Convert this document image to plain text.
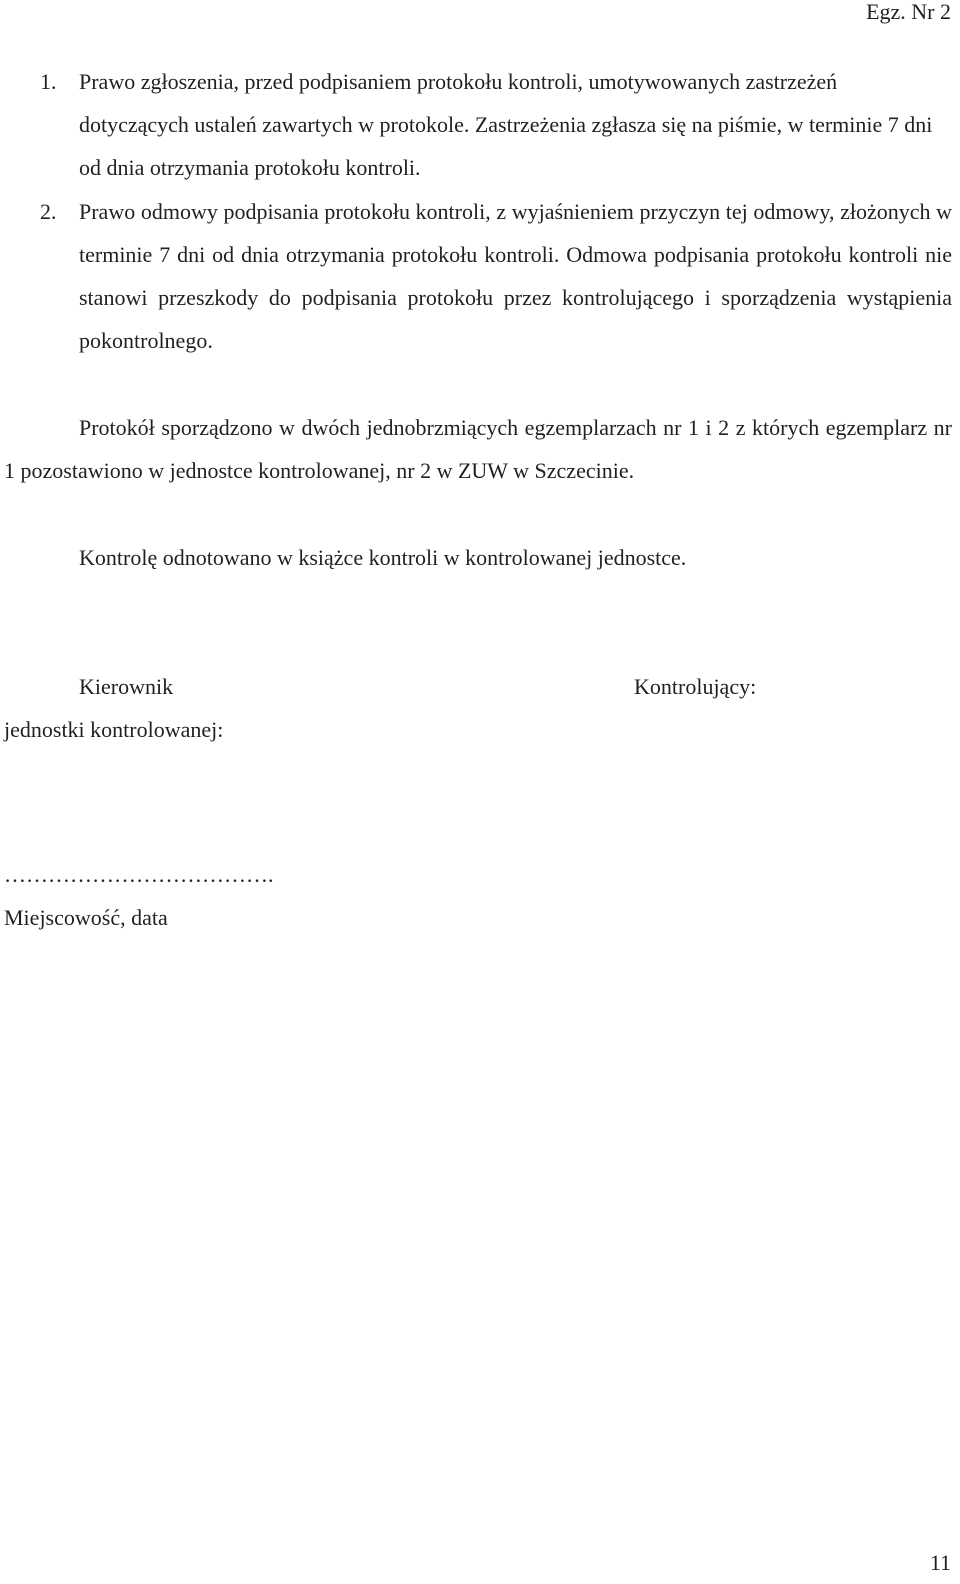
Egz. Nr 2
1. Prawo zgłoszenia, przed podpisaniem protokołu kontroli, umotywowanych zastrzeżeń dotyczących ustaleń zawartych w protokole. Zastrzeżenia zgłasza się na piśmie, w terminie 7 dni od dnia otrzymania protokołu kontroli.
2. Prawo odmowy podpisania protokołu kontroli, z wyjaśnieniem przyczyn tej odmowy, złożonych w terminie 7 dni od dnia otrzymania protokołu kontroli. Odmowa podpisania protokołu kontroli nie stanowi przeszkody do podpisania protokołu przez kontrolującego i sporządzenia wystąpienia pokontrolnego.
Protokół sporządzono w dwóch jednobrzmiących egzemplarzach nr 1 i 2 z których egzemplarz nr 1 pozostawiono w jednostce kontrolowanej, nr 2 w ZUW w Szczecinie.
Kontrolę odnotowano w książce kontroli w kontrolowanej jednostce.
Kierownik
jednostki kontrolowanej:
Kontrolujący:
……………………………….
Miejscowość, data
11
